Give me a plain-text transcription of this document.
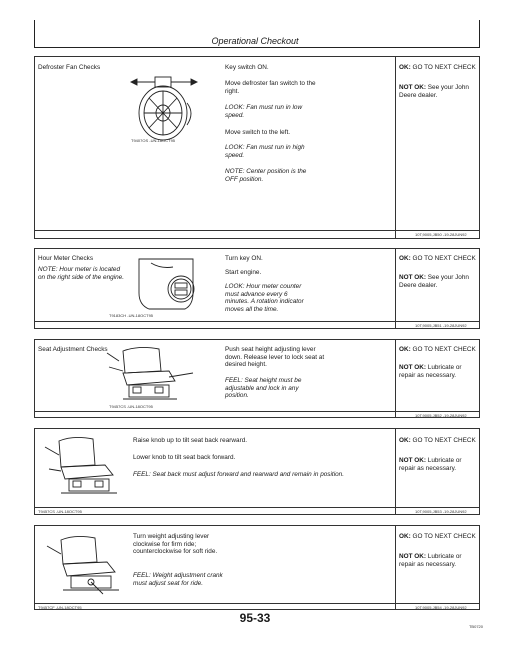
Operational Checkout
Defroster Fan Checks
T9407OS -UN-18OCT95
Key switch ON.
Move defroster fan switch to the right.
LOOK: Fan must run in low speed.
Move switch to the left.
LOOK: Fan must run in high speed.
NOTE: Center position is the OFF position.
OK: GO TO NEXT CHECK
NOT OK: See your John Deere dealer.
10T,9005,JB50 -19-28JUN92
Hour Meter Checks
NOTE: Hour meter is located on the right side of the engine.
T9183CH -UN-18OCT95
Turn key ON.
Start engine.
LOOK: Hour meter counter must advance every 6 minutes. A rotation indicator moves all the time.
OK: GO TO NEXT CHECK
NOT OK: See your John Deere dealer.
10T,9005,JB51 -19-28JUN92
Seat Adjustment Checks
T9457CS -UN-18OCT95
Push seat height adjusting lever down. Release lever to lock seat at desired height.
FEEL: Seat height must be adjustable and lock in any position.
OK: GO TO NEXT CHECK
NOT OK: Lubricate or repair as necessary.
10T,9005,JB52 -19-28JUN92
T9457CS -UN-18OCT95
Raise knob up to tilt seat back rearward.
Lower knob to tilt seat back forward.
FEEL: Seat back must adjust forward and rearward and remain in position.
OK: GO TO NEXT CHECK
NOT OK: Lubricate or repair as necessary.
10T,9005,JB53 -19-28JUN92
T9457CF -UN-18OCT95
Turn weight adjusting lever clockwise for firm ride; counterclockwise for soft ride.
FEEL: Weight adjustment crank must adjust seat for ride.
OK: GO TO NEXT CHECK
NOT OK: Lubricate or repair as necessary.
10T,9005,JB54 -19-28JUN92
95-33
TB0720
